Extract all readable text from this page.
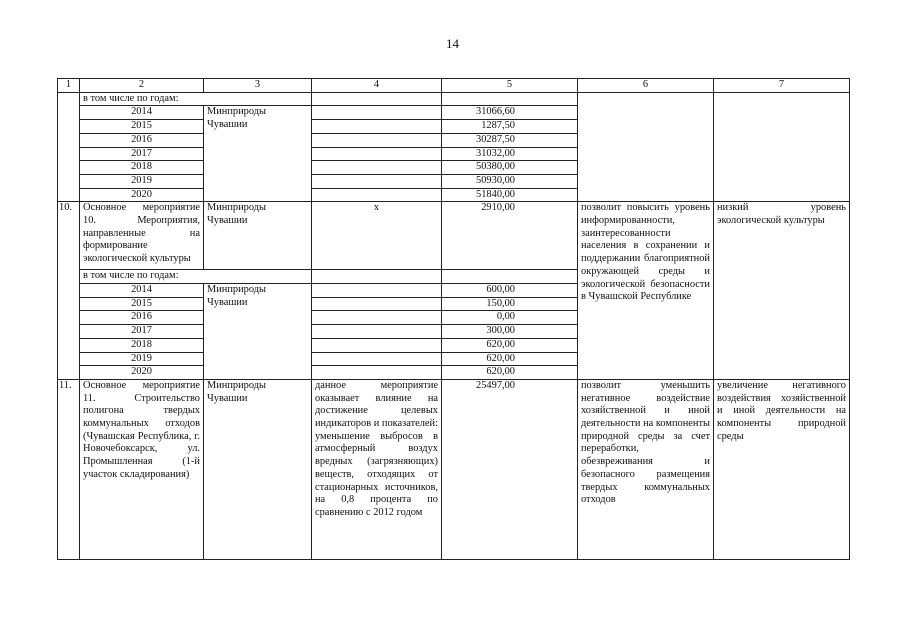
14
1	2	3	4	5	6	7
	в том числе по годам:					
	2014	Минприроды Чувашии		31066,60		
	2015			1287,50		
	2016			30287,50		
	2017			31032,00		
	2018			50380,00		
	2019			50930,00		
	2020			51840,00		
10.	Основное мероприятие 10. Мероприятия, направленные на формирование экологической культуры	Минприроды Чувашии	х	2910,00	позволит повысить уровень информированности, заинтересованности населения в сохранении и поддержании благоприятной окружающей среды и экологической безопасности в Чувашской Республике	низкий уровень экологической культуры
	в том числе по годам:					
	2014	Минприроды Чувашии		600,00		
	2015			150,00		
	2016			0,00		
	2017			300,00		
	2018			620,00		
	2019			620,00		
	2020			620,00		
11.	Основное мероприятие 11. Строительство полигона твердых коммунальных отходов (Чувашская Республика, г. Новочебоксарск, ул. Промышленная (1-й участок складирования)	Минприроды Чувашии	данное мероприятие оказывает влияние на достижение целевых индикаторов и показателей: уменьшение выбросов в атмосферный воздух вредных (загрязняющих) веществ, отходящих от стационарных источников, на 0,8 процента по сравнению с 2012 годом	25497,00	позволит уменьшить негативное воздействие хозяйственной и иной деятельности на компоненты природной среды за счет переработки, обезвреживания и безопасного размещения твердых коммунальных отходов	увеличение негативного воздействия хозяйственной и иной деятельности на компоненты природной среды
